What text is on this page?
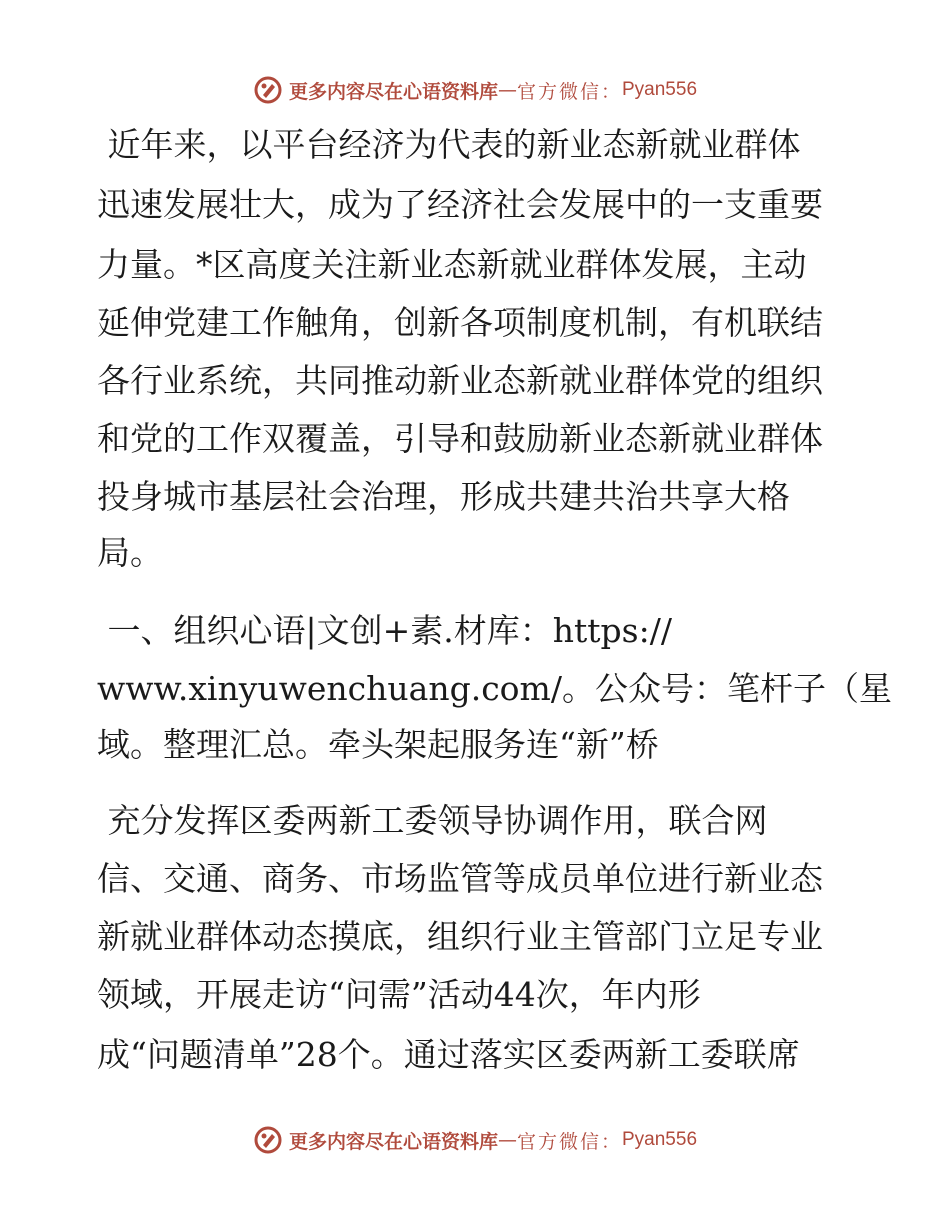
更多内容尽在心语资料库 — 官方微信： Pyan556
近年来，以平台经济为代表的新业态新就业群体
迅速发展壮大，成为了经济社会发展中的一支重要
力量。*区高度关注新业态新就业群体发展，主动
延伸党建工作触角，创新各项制度机制，有机联结
各行业系统，共同推动新业态新就业群体党的组织
和党的工作双覆盖，引导和鼓励新业态新就业群体
投身城市基层社会治理，形成共建共治共享大格
局。
一、组织心语|文创+素.材库：https://
www.xinyuwenchuang.com/。公众号：笔杆子（星
域。整理汇总。牵头架起服务连“新”桥
充分发挥区委两新工委领导协调作用，联合网
信、交通、商务、市场监管等成员单位进行新业态
新就业群体动态摸底，组织行业主管部门立足专业
领域，开展走访“问需”活动44次，年内形
成“问题清单”28个。通过落实区委两新工委联席
更多内容尽在心语资料库 — 官方微信： Pyan556
